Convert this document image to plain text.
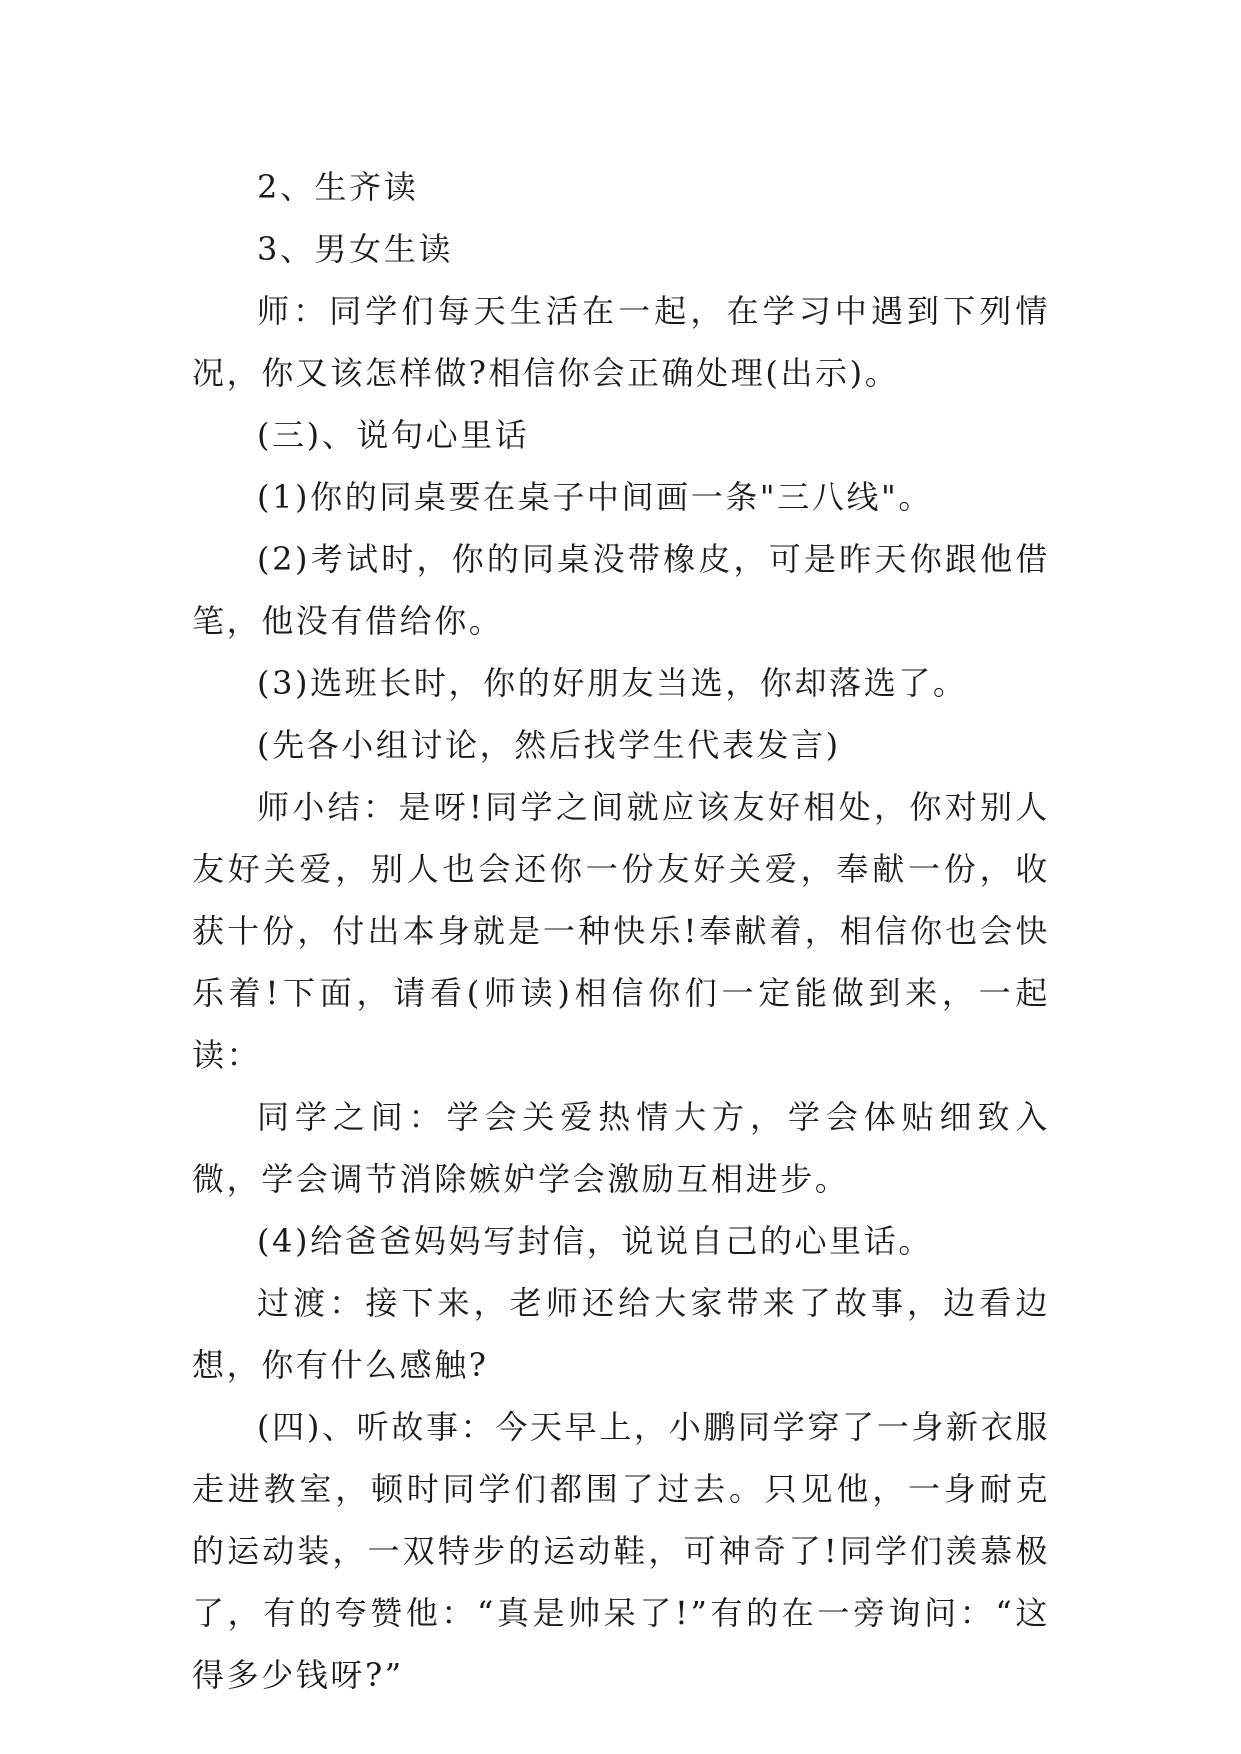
2、生齐读

3、男女生读

师：同学们每天生活在一起，在学习中遇到下列情况，你又该怎样做?相信你会正确处理(出示)。

(三)、说句心里话

(1)你的同桌要在桌子中间画一条"三八线"。

(2)考试时，你的同桌没带橡皮，可是昨天你跟他借笔，他没有借给你。

(3)选班长时，你的好朋友当选，你却落选了。

(先各小组讨论，然后找学生代表发言)

师小结：是呀!同学之间就应该友好相处，你对别人友好关爱，别人也会还你一份友好关爱，奉献一份，收获十份，付出本身就是一种快乐!奉献着，相信你也会快乐着!下面，请看(师读)相信你们一定能做到来，一起读：

同学之间：学会关爱热情大方，学会体贴细致入微，学会调节消除嫉妒学会激励互相进步。

(4)给爸爸妈妈写封信，说说自己的心里话。

过渡：接下来，老师还给大家带来了故事，边看边想，你有什么感触?

(四)、听故事：今天早上，小鹏同学穿了一身新衣服走进教室，顿时同学们都围了过去。只见他，一身耐克的运动装，一双特步的运动鞋，可神奇了!同学们羡慕极了，有的夸赞他：“真是帅呆了!”有的在一旁询问：“这得多少钱呀?”
